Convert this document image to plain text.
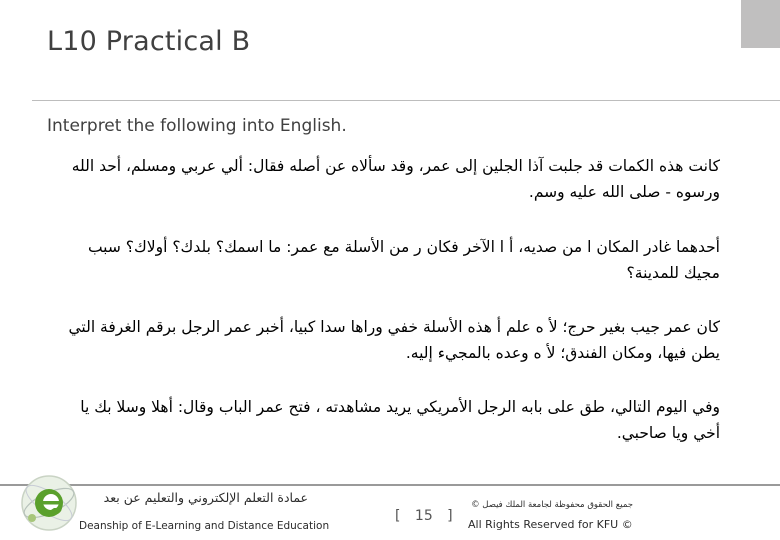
L10 Practical B
Interpret the following into English.
كانت هذه الكمات قد جلبت آذا الجلين إلى عمر، وقد سألاه عن أصله فقال: ألي عربي ومسلم، أحد الله ورسوه - صلى الله عليه وسم.
أحدهما غادر المكان ا من صديه، أ ا الآخر فكان ر من الأسلة مع عمر: ما اسمك؟ بلدك؟ أولاك؟ سبب مجيك للمدينة؟
كان عمر جيب بغير حرج؛ لأ ه علم أ هذه الأسلة خفي وراها سدا كبيا، أخبر عمر الرجل برقم الغرفة التي يطن فيها، ومكان الفندق؛ لأ ه وعده بالمجيء إليه.
وفي اليوم التالي، طق على بابه الرجل الأمريكي يريد مشاهدته ، فتح عمر الباب وقال: أهلا وسلا بك يا أخي ويا صاحبي.
عمادة التعلم الإلكتروني والتعليم عن بعد
Deanship of E-Learning and Distance Education
[ 15 ]
جميع الحقوق محفوظة لجامعة الملك فيصل ©
All Rights Reserved for KFU ©
